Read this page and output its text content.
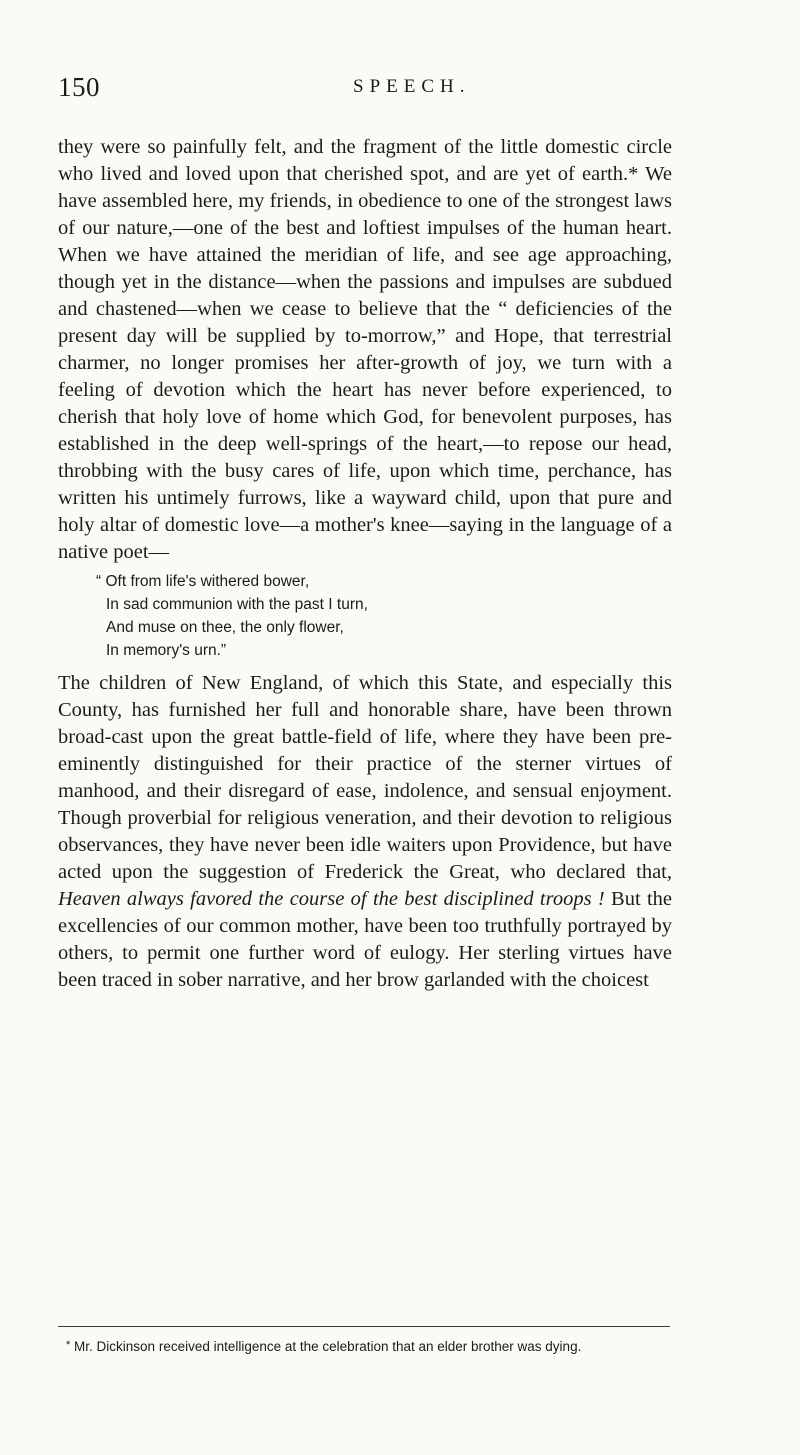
150	SPEECH.

they were so painfully felt, and the fragment of the little domestic circle who lived and loved upon that cherished spot, and are yet of earth.* We have assembled here, my friends, in obedience to one of the strongest laws of our nature,—one of the best and loftiest impulses of the human heart. When we have attained the meridian of life, and see age approaching, though yet in the distance—when the passions and impulses are subdued and chastened—when we cease to believe that the “ deficiencies of the present day will be supplied by to-morrow,” and Hope, that terrestrial charmer, no longer promises her after-growth of joy, we turn with a feeling of devotion which the heart has never before experienced, to cherish that holy love of home which God, for benevolent purposes, has established in the deep well-springs of the heart,—to repose our head, throbbing with the busy cares of life, upon which time, perchance, has written his untimely furrows, like a wayward child, upon that pure and holy altar of domestic love—a mother's knee—saying in the language of a native poet—

“ Oft from life's withered bower,
In sad communion with the past I turn,
And muse on thee, the only flower,
In memory's urn.”

The children of New England, of which this State, and especially this County, has furnished her full and honorable share, have been thrown broad-cast upon the great battle-field of life, where they have been pre-eminently distinguished for their practice of the sterner virtues of manhood, and their disregard of ease, indolence, and sensual enjoyment. Though proverbial for religious veneration, and their devotion to religious observances, they have never been idle waiters upon Providence, but have acted upon the suggestion of Frederick the Great, who declared that, Heaven always favored the course of the best disciplined troops ! But the excellencies of our common mother, have been too truthfully portrayed by others, to permit one further word of eulogy. Her sterling virtues have been traced in sober narrative, and her brow garlanded with the choicest

* Mr. Dickinson received intelligence at the celebration that an elder brother was dying.
